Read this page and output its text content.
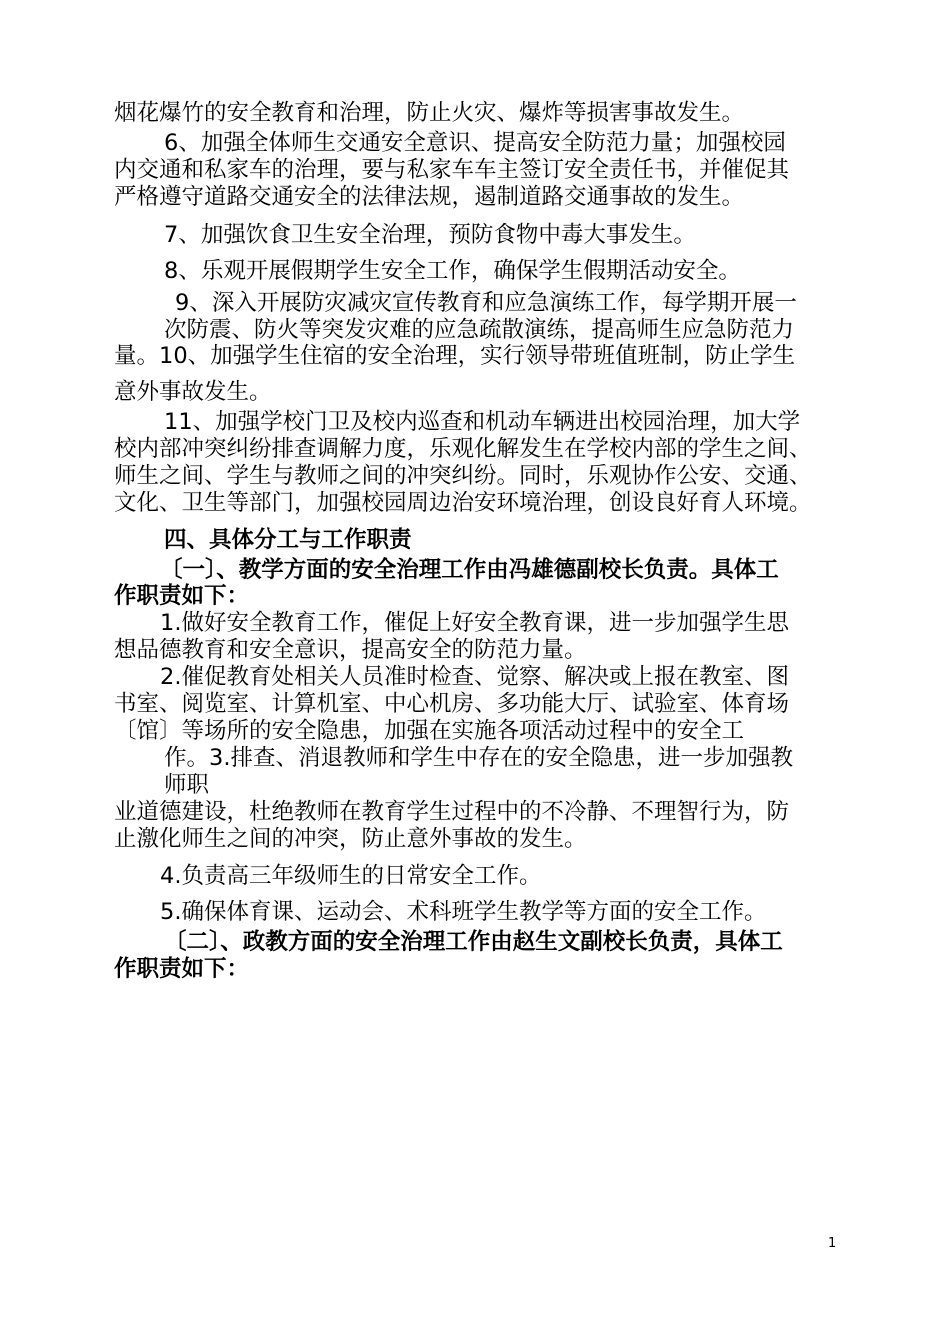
烟花爆竹的安全教育和治理，防止火灾、爆炸等损害事故发生。
6、加强全体师生交通安全意识、提高安全防范力量；加强校园
内交通和私家车的治理，要与私家车车主签订安全责任书，并催促其
严格遵守道路交通安全的法律法规，遏制道路交通事故的发生。
7、加强饮食卫生安全治理，预防食物中毒大事发生。
8、乐观开展假期学生安全工作，确保学生假期活动安全。
9、深入开展防灾减灾宣传教育和应急演练工作，每学期开展一
次防震、防火等突发灾难的应急疏散演练，提高师生应急防范力
量。10、加强学生住宿的安全治理，实行领导带班值班制，防止学生
意外事故发生。
11、加强学校门卫及校内巡查和机动车辆进出校园治理，加大学
校内部冲突纠纷排查调解力度，乐观化解发生在学校内部的学生之间、
师生之间、学生与教师之间的冲突纠纷。同时，乐观协作公安、交通、
文化、卫生等部门，加强校园周边治安环境治理，创设良好育人环境。
四、具体分工与工作职责
〔一〕、教学方面的安全治理工作由冯雄德副校长负责。具体工
作职责如下：
1.做好安全教育工作，催促上好安全教育课，进一步加强学生思
想品德教育和安全意识，提高安全的防范力量。
2.催促教育处相关人员准时检查、觉察、解决或上报在教室、图
书室、阅览室、计算机室、中心机房、多功能大厅、试验室、体育场
〔馆〕等场所的安全隐患，加强在实施各项活动过程中的安全工
作。3.排查、消退教师和学生中存在的安全隐患，进一步加强教
师职
业道德建设，杜绝教师在教育学生过程中的不冷静、不理智行为，防
止激化师生之间的冲突，防止意外事故的发生。
4.负责高三年级师生的日常安全工作。
5.确保体育课、运动会、术科班学生教学等方面的安全工作。
〔二〕、政教方面的安全治理工作由赵生文副校长负责，具体工
作职责如下：
1
